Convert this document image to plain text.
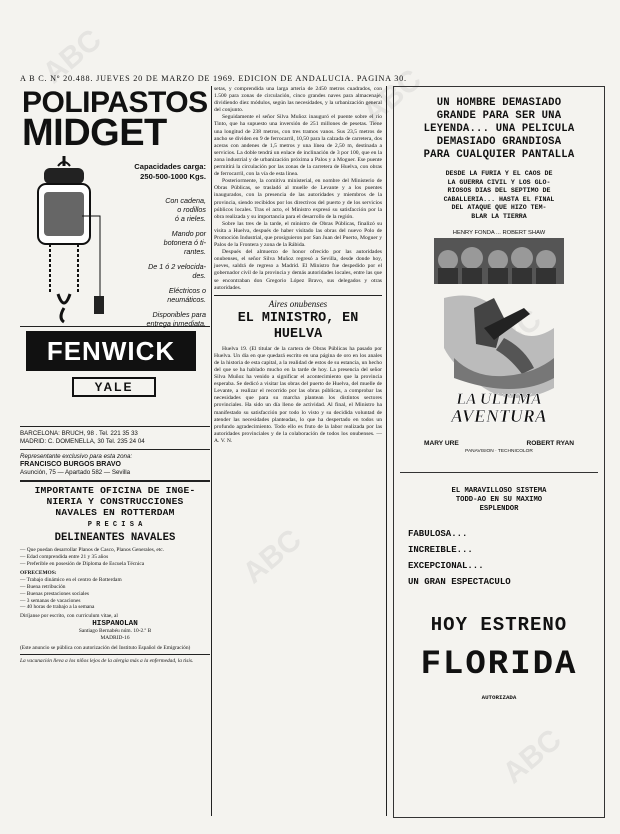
ABC
ABC
ABC
ABC
A B C. Nº 20.488. JUEVES 20 DE MARZO DE 1969. EDICION DE ANDALUCIA. PAGINA 30.
POLIPASTOS
MIDGET
Capacidades carga:
250-500-1000 Kgs.
Con cadena,
o rodillos
ó a rieles.
Mando por
botonera ó ti-
rantes.
De 1 ó 2 velocida-
des.
Eléctricos o
neumáticos.
Disponibles para
entrega inmediata.
FENWICK
YALE
BARCELONA: BRUCH, 98 . Tel. 221 35 33
MADRID: C. DOMENELLA, 30 Tel. 235 24 04
Representante exclusivo para esta zona:
FRANCISCO BURGOS BRAVO
Asunción, 75 — Apartado 582 — Sevilla
IMPORTANTE OFICINA DE INGE-
NIERIA Y CONSTRUCCIONES
NAVALES EN ROTTERDAM
P R E C I S A
DELINEANTES NAVALES
— Que puedan desarrollar Planos de Casco, Planos Generales, etc.
— Edad comprendida entre 21 y 35 años
— Preferible en posesión de Diploma de Escuela Técnica
OFRECEMOS:
— Trabajo dinámico en el centro de Rotterdam
— Buena retribución
— Buenas prestaciones sociales
— 3 semanas de vacaciones
— 40 horas de trabajo a la semana
Diríjanse por escrito, con curriculum vitae, al
HISPANOLAN
Santiago Bernabéu núm. 10-2.º B
MADRID-16
(Este anuncio se pública con autorización del Instituto Español de Emigración)
La vacunación lleva a los niños lejos de la alergia más a la enfermedad, la tisis.

setas, y comprendida una larga arteria de 2450 metros cuadrados, con 1.500 para zonas de circulación, cinco grandes naves para almacenaje, dividiendo diez módulos, según las necesidades, y la urbanización general del conjunto.

Seguidamente el señor Silva Muñoz inauguró el puente sobre el río Tinto, que ha supuesto una inversión de 251 millones de pesetas. Tiene una longitud de 238 metros, con tres tramos vanos. Sus 23,5 metros de ancho se dividen en 9 de ferrocarril, 10,50 para la calzada de carretera, dos aceras con andenes de 1,5 metros y una línea de 2,50 m, destinada a servicios. La doble tendrá un enlace de inclinación de 3 por 100, que en la zona industrial y de urbanización próxima a Palos y a Moguer. Ese puente permitirá la circulación por las zonas de la carretera de Huelva, con obras de ferrocarril, con la vía de esta línea.

Posteriormente, la comitiva ministerial, en nombre del Ministerio de Obras Públicas, se trasladó al muelle de Levante y a los puentes inaugurados, con la presencia de las autoridades y miembros de la provincia, siendo recibidos por los directivos del puerto y de los servicios públicos locales. Tras el acto, el Ministro expresó su satisfacción por la obra realizada y su importancia para el desarrollo de la región.

Sobre las tres de la tarde, el ministro de Obras Públicas, finalizó su visita a Huelva, después de haber visitado las obras del nuevo Polo de Promoción Industrial, que prosiguieron por San Juan del Puerto, Moguer y Palos de la Frontera y zona de la Rábida.

Después del almuerzo de honor ofrecido por las autoridades onubenses, el señor Silva Muñoz regresó a Sevilla, desde donde hoy, jueves, saldrá de regreso a Madrid. El Ministro fue despedido por el gobernador civil de la provincia y demás autoridades locales, entre las que se encontraban don Gregorio López Bravo, sus delegados y otras autoridades.

Aires onubenses
EL MINISTRO, EN HUELVA

Huelva 19. (El titular de la cartera de Obras Públicas ha pasado por Huelva. Un día en que quedará escrito en una página de oro en los anales de la historia de esta capital, a la realidad de estos de su estancia, un hecho del que se ha hablado mucho en la tarde de hoy. La presencia del señor Silva Muñoz ha venido a significar el acontecimiento que la provincia esperaba. Se dedicó a visitar las obras del puerto de Huelva, del muelle de Levante, a realizar el recorrido por las obras públicas, a comprobar las necesidades que para su marcha plantean los distintos sectores provinciales. Ha sido un día lleno de actividad. Al final, el Ministro ha manifestado su satisfacción por todo lo visto y su decidida voluntad de atender las necesidades planteadas, lo que ha despertado en todos un profundo agradecimiento. Todo ello es fruto de la labor realizada por las autoridades provinciales y de la colaboración de todos los onubenses. — A. V. N.

UN HOMBRE DEMASIADO
GRANDE PARA SER UNA
LEYENDA... UNA PELICULA
DEMASIADO GRANDIOSA
PARA CUALQUIER PANTALLA
DESDE LA FURIA Y EL CAOS DE
LA GUERRA CIVIL Y LOS GLO-
RIOSOS DIAS DEL SEPTIMO DE
CABALLERIA... HASTA EL FINAL
DEL ATAQUE QUE HIZO TEM-
BLAR LA TIERRA
HENRY FONDA ... ROBERT SHAW
LA ULTIMA
AVENTURA
MARY URE	ROBERT RYAN
PANAVISION · TECHNICOLOR
EL MARAVILLOSO SISTEMA
TODD-AO EN SU MAXIMO
ESPLENDOR
FABULOSA...
INCREIBLE...
EXCEPCIONAL...
UN GRAN ESPECTACULO
HOY ESTRENO
FLORIDA
AUTORIZADA
